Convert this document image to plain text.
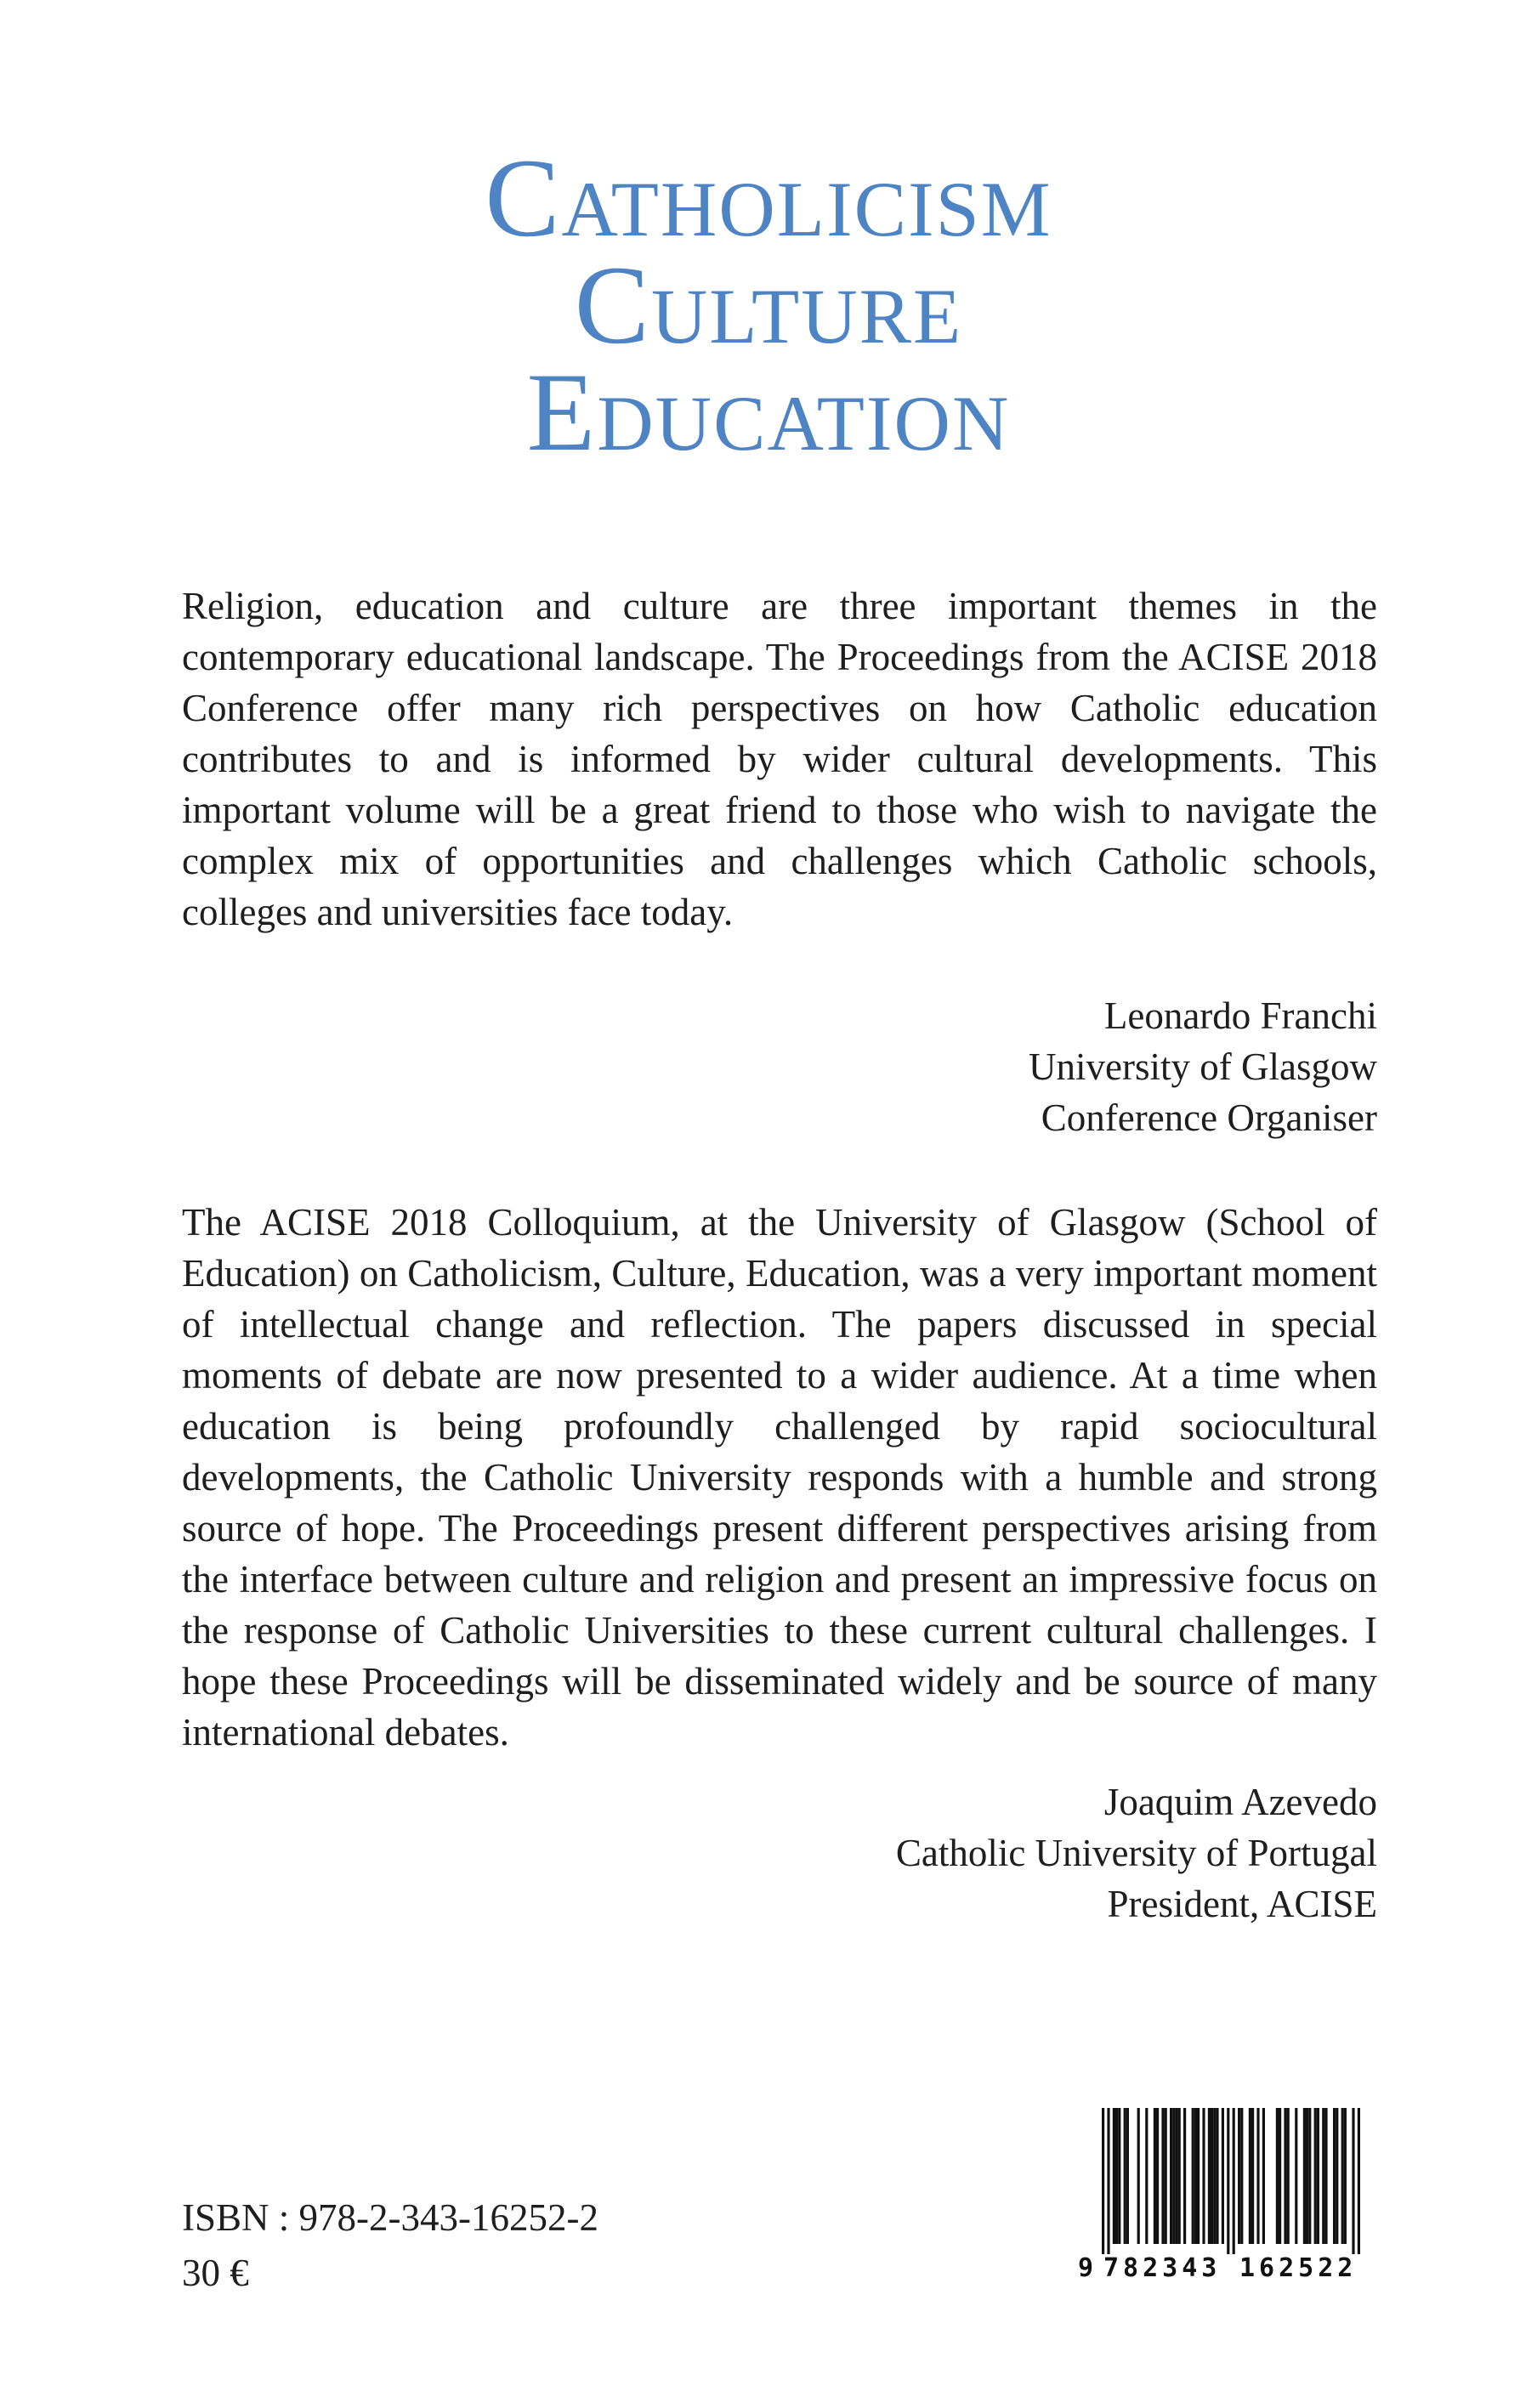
Catholicism
Culture
Education

Religion, education and culture are three important themes in the contemporary educational landscape. The Proceedings from the ACISE 2018 Conference offer many rich perspectives on how Catholic education contributes to and is informed by wider cultural developments. This important volume will be a great friend to those who wish to navigate the complex mix of opportunities and challenges which Catholic schools, colleges and universities face today.

Leonardo Franchi
University of Glasgow
Conference Organiser

The ACISE 2018 Colloquium, at the University of Glasgow (School of Education) on Catholicism, Culture, Education, was a very important moment of intellectual change and reflection. The papers discussed in special moments of debate are now presented to a wider audience. At a time when education is being profoundly challenged by rapid sociocultural developments, the Catholic University responds with a humble and strong source of hope. The Proceedings present different perspectives arising from the interface between culture and religion and present an impressive focus on the response of Catholic Universities to these current cultural challenges. I hope these Proceedings will be disseminated widely and be source of many international debates.

Joaquim Azevedo
Catholic University of Portugal
President, ACISE
ISBN : 978-2-343-16252-2
30 €	9 782343 162522
